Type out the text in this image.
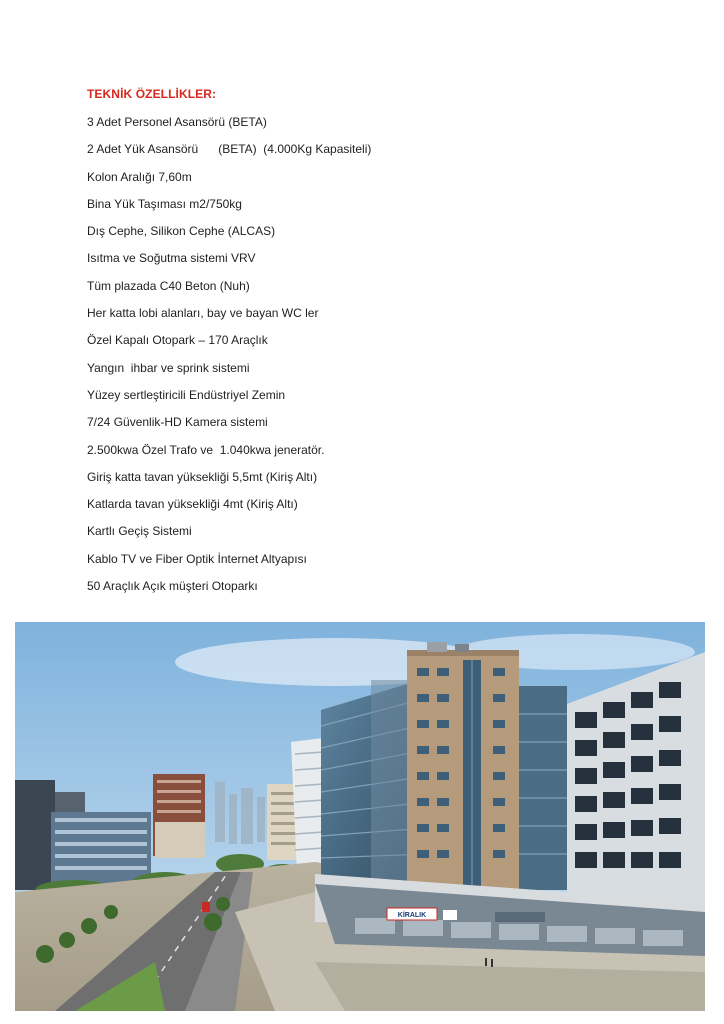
TEKNİK ÖZELLİKLER:
3 Adet Personel Asansörü (BETA)
2 Adet Yük Asansörü      (BETA)  (4.000Kg Kapasiteli)
Kolon Aralığı 7,60m
Bina Yük Taşıması m2/750kg
Dış Cephe, Silikon Cephe (ALCAS)
Isıtma ve Soğutma sistemi VRV
Tüm plazada C40 Beton (Nuh)
Her katta lobi alanları, bay ve bayan WC ler
Özel Kapalı Otopark – 170 Araçlık
Yangın  ihbar ve sprink sistemi
Yüzey sertleştiricili Endüstriyel Zemin
7/24 Güvenlik-HD Kamera sistemi
2.500kwa Özel Trafo ve  1.040kwa jeneratör.
Giriş katta tavan yüksekliği 5,5mt (Kiriş Altı)
Katlarda tavan yüksekliği 4mt (Kiriş Altı)
Kartlı Geçiş Sistemi
Kablo TV ve Fiber Optik İnternet Altyapısı
50 Araçlık Açık müşteri Otoparkı
KİRALIK
